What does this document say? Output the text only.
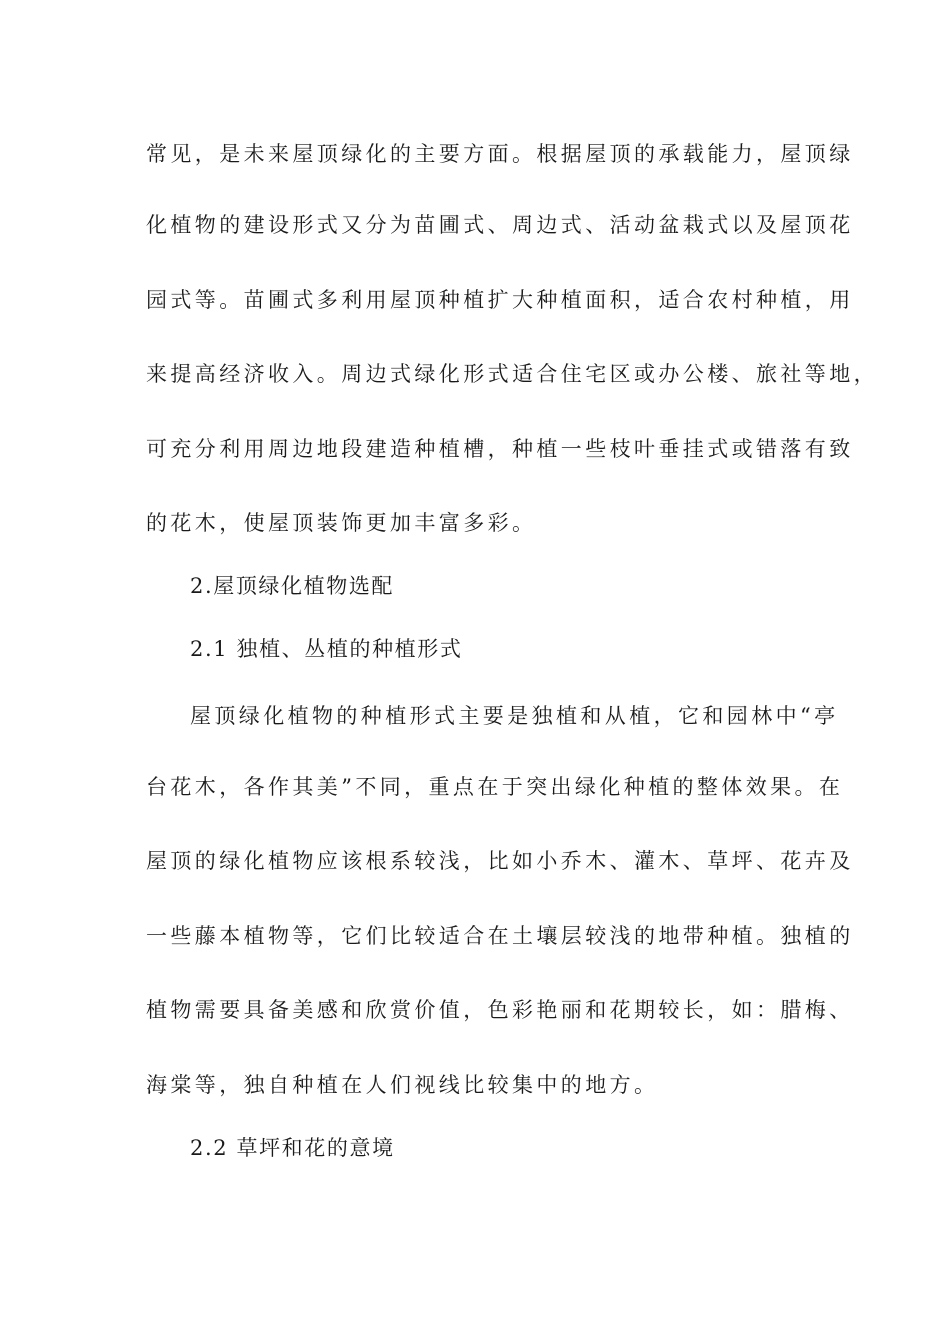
常见，是未来屋顶绿化的主要方面。根据屋顶的承载能力，屋顶绿
化植物的建设形式又分为苗圃式、周边式、活动盆栽式以及屋顶花
园式等。苗圃式多利用屋顶种植扩大种植面积，适合农村种植，用
来提高经济收入。周边式绿化形式适合住宅区或办公楼、旅社等地，
可充分利用周边地段建造种植槽，种植一些枝叶垂挂式或错落有致
的花木，使屋顶装饰更加丰富多彩。
2.屋顶绿化植物选配
2.1 独植、丛植的种植形式
屋顶绿化植物的种植形式主要是独植和从植，它和园林中“亭
台花木，各作其美”不同，重点在于突出绿化种植的整体效果。在
屋顶的绿化植物应该根系较浅，比如小乔木、灌木、草坪、花卉及
一些藤本植物等，它们比较适合在土壤层较浅的地带种植。独植的
植物需要具备美感和欣赏价值，色彩艳丽和花期较长，如：腊梅、
海棠等，独自种植在人们视线比较集中的地方。
2.2 草坪和花的意境
